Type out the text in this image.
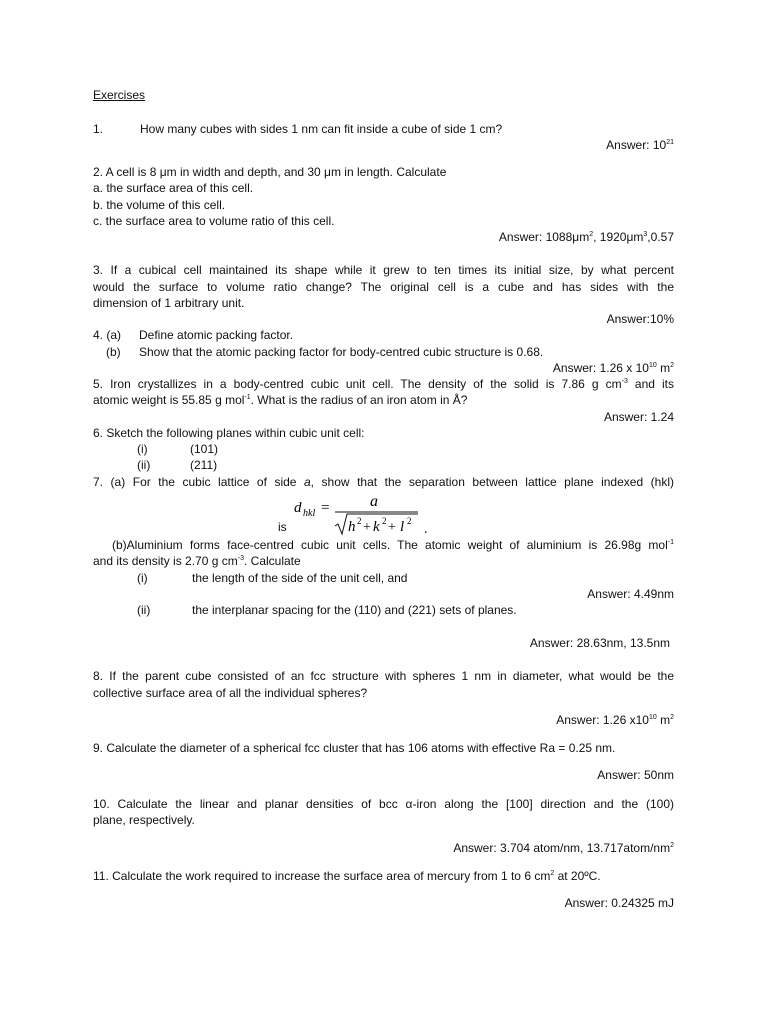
Exercises
1.	How many cubes with sides 1 nm can fit inside a cube of side 1 cm?
Answer: $10^{21}$
2. A cell is 8 μm in width and depth, and 30 μm in length. Calculate
a. the surface area of this cell.
b. the volume of this cell.
c. the surface area to volume ratio of this cell.
Answer: $1088\mu m^2$, $1920\mu m^3,0.57$
3. If a cubical cell maintained its shape while it grew to ten times its initial size, by what percent
would the surface to volume ratio change? The original cell is a cube and has sides with the
dimension of 1 arbitrary unit.
Answer:10%
4. (a) Define atomic packing factor.
(b) Show that the atomic packing factor for body-centred cubic structure is 0.68.
Answer: 1.26 x $10^{10}$ $m^2$
5. Iron crystallizes in a body-centred cubic unit cell. The density of the solid is 7.86 g $cm^{-3}$ and its
atomic weight is 55.85 g mol$^{-1}$. What is the radius of an iron atom in Å?
Answer: 1.24
6. Sketch the following planes within cubic unit cell:
(i)	(101)
(ii)	(211)
7. (a) For the cubic lattice of side a, show that the separation between lattice plane indexed (hkl)
is
d hkl =	a
h 2 + k 2 + l 2
.
(b)Aluminium forms face-centred cubic unit cells. The atomic weight of aluminium is 26.98g mol$^{-1}$
and its density is 2.70 g $cm^{-3}$. Calculate
(i)	the length of the side of the unit cell, and
Answer: 4.49nm
(ii)	the interplanar spacing for the (110) and (221) sets of planes.
Answer: 28.63nm, 13.5nm
8. If the parent cube consisted of an fcc structure with spheres 1 nm in diameter, what would be the
collective surface area of all the individual spheres?
Answer: 1.26 $x10^{10}$ $m^2$
9. Calculate the diameter of a spherical fcc cluster that has 106 atoms with effective Ra = 0.25 nm.
Answer: 50nm
10. Calculate the linear and planar densities of bcc α-iron along the [100] direction and the (100)
plane, respectively.
Answer: 3.704 atom/nm, $13.717atom/nm^2$
11. Calculate the work required to increase the surface area of mercury from 1 to 6 $cm^2$ at 20ºC.
Answer: 0.24325 mJ
